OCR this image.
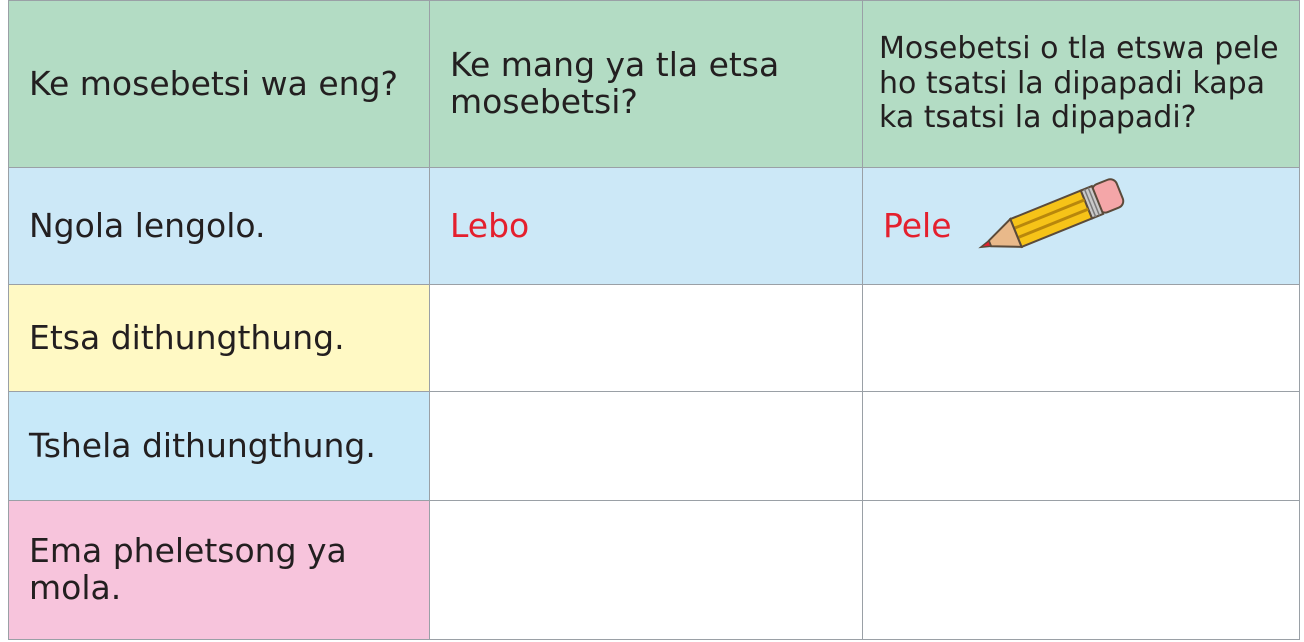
Ke mosebetsi wa eng?	Ke mang ya tla etsa mosebetsi?	Mosebetsi o tla etswa pele ho tsatsi la dipapadi kapa ka tsatsi la dipapadi?
Ngola lengolo.	Lebo	Pele

Etsa dithungthung.		
Tshela dithungthung.		
Ema pheletsong ya mola.		
